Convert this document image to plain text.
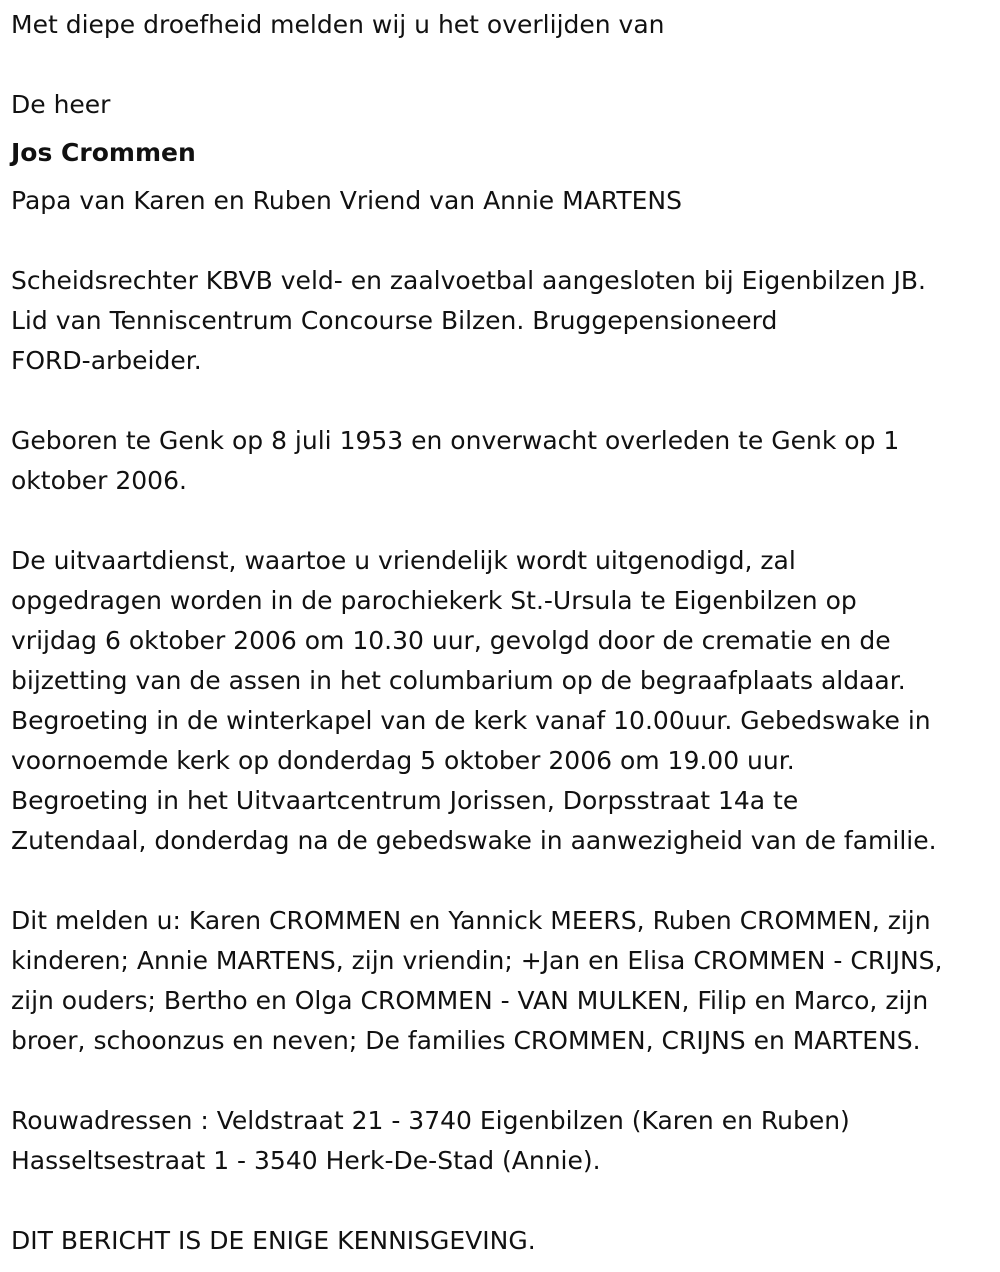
Met diepe droefheid melden wij u het overlijden van

De heer

Jos Crommen

Papa van Karen en Ruben Vriend van Annie MARTENS

Scheidsrechter KBVB veld- en zaalvoetbal aangesloten bij Eigenbilzen JB.
Lid van Tenniscentrum Concourse Bilzen. Bruggepensioneerd
FORD-arbeider.

Geboren te Genk op 8 juli 1953 en onverwacht overleden te Genk op 1
oktober 2006.

De uitvaartdienst, waartoe u vriendelijk wordt uitgenodigd, zal
opgedragen worden in de parochiekerk St.-Ursula te Eigenbilzen op
vrijdag 6 oktober 2006 om 10.30 uur, gevolgd door de crematie en de
bijzetting van de assen in het columbarium op de begraafplaats aldaar.
Begroeting in de winterkapel van de kerk vanaf 10.00uur. Gebedswake in
voornoemde kerk op donderdag 5 oktober 2006 om 19.00 uur.
Begroeting in het Uitvaartcentrum Jorissen, Dorpsstraat 14a te
Zutendaal, donderdag na de gebedswake in aanwezigheid van de familie.

Dit melden u: Karen CROMMEN en Yannick MEERS, Ruben CROMMEN, zijn
kinderen; Annie MARTENS, zijn vriendin; +Jan en Elisa CROMMEN - CRIJNS,
zijn ouders; Bertho en Olga CROMMEN - VAN MULKEN, Filip en Marco, zijn
broer, schoonzus en neven; De families CROMMEN, CRIJNS en MARTENS.

Rouwadressen : Veldstraat 21 - 3740 Eigenbilzen (Karen en Ruben)
Hasseltsestraat 1 - 3540 Herk-De-Stad (Annie).

DIT BERICHT IS DE ENIGE KENNISGEVING.
